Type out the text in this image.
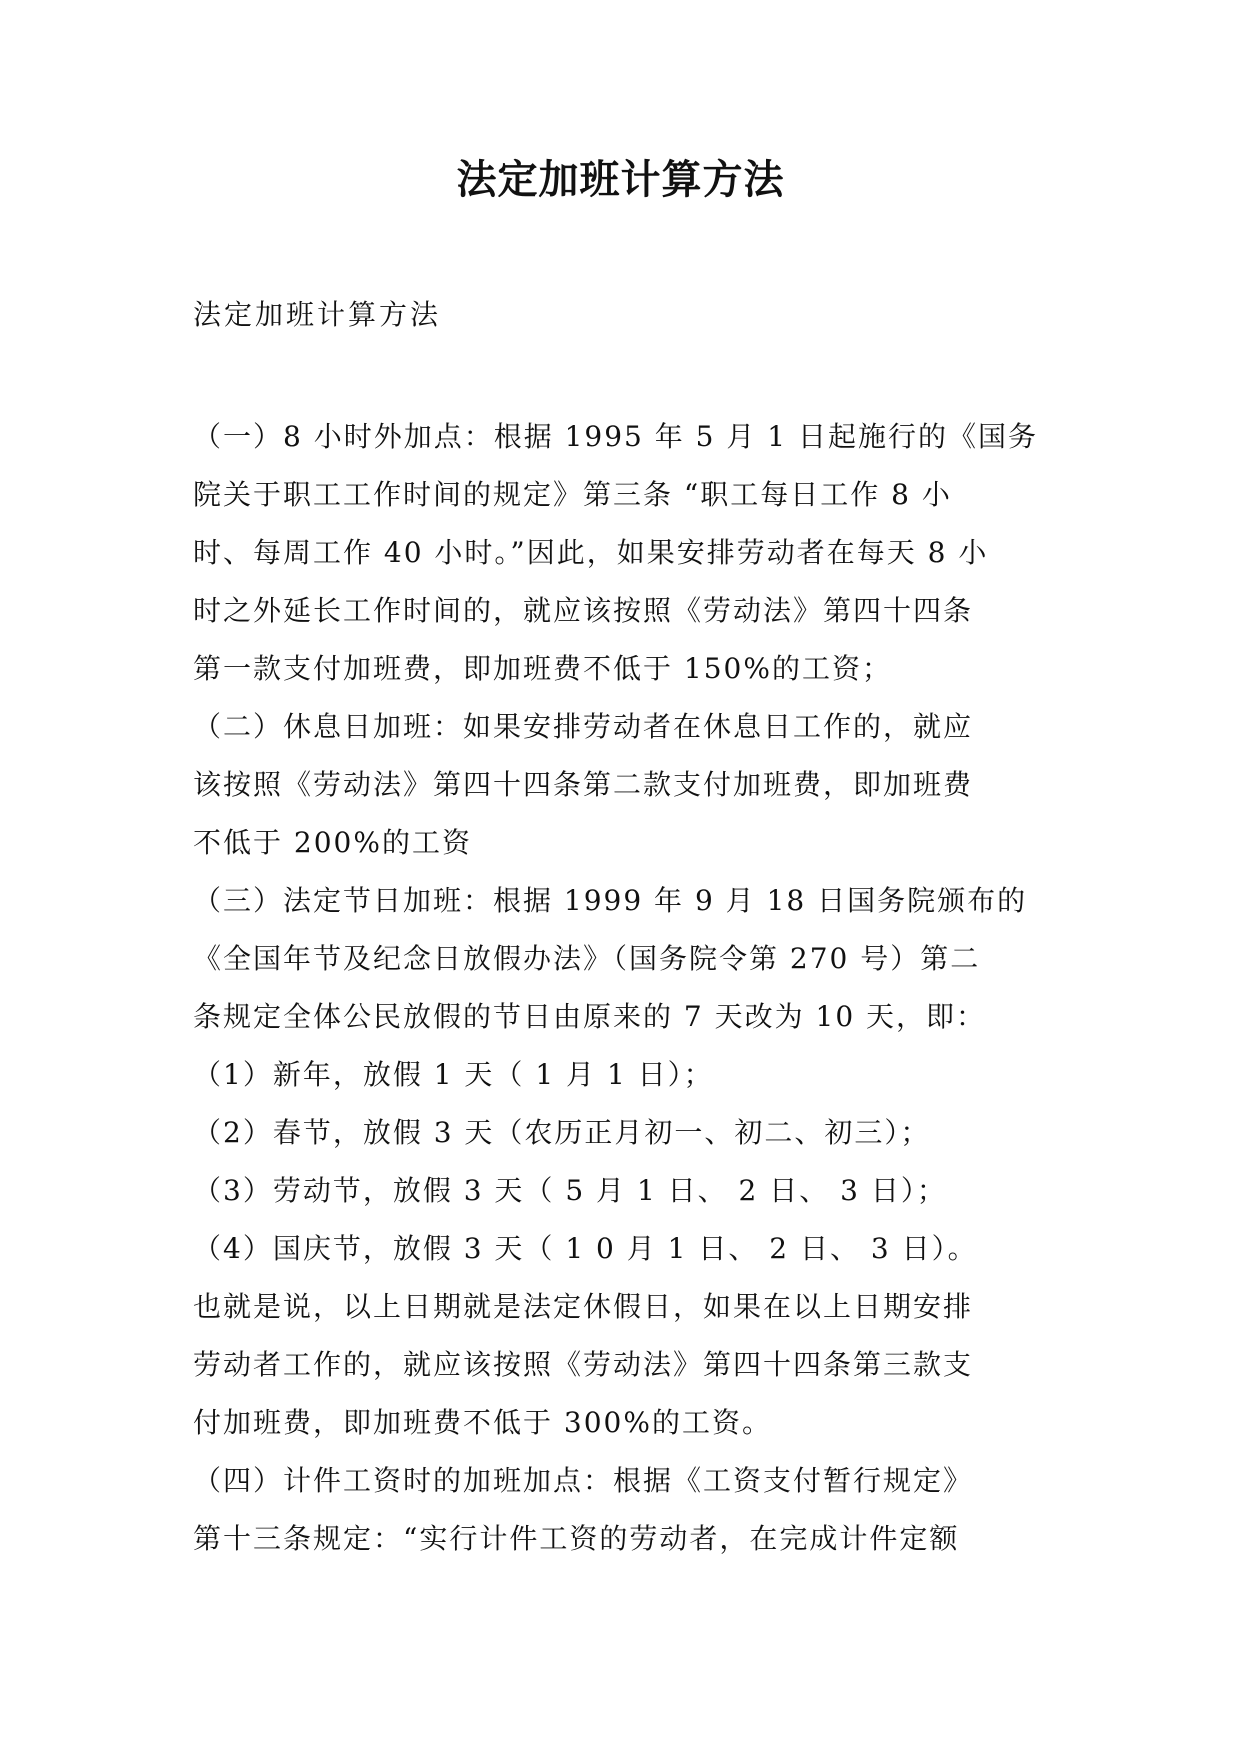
法定加班计算方法
法定加班计算方法
（一）8 小时外加点：根据 1995 年 5 月 1 日起施行的《国务
院关于职工工作时间的规定》第三条 “职工每日工作 8 小
时、每周工作 40 小时。”因此，如果安排劳动者在每天 8 小
时之外延长工作时间的，就应该按照《劳动法》第四十四条
第一款支付加班费，即加班费不低于 150%的工资；
（二）休息日加班：如果安排劳动者在休息日工作的，就应
该按照《劳动法》第四十四条第二款支付加班费，即加班费
不低于 200%的工资
（三）法定节日加班：根据 1999 年 9 月 18 日国务院颁布的
《全国年节及纪念日放假办法》（国务院令第 270 号）第二
条规定全体公民放假的节日由原来的 7 天改为 10 天，即：
（1）新年，放假 1 天（ 1 月 1 日）；
（2）春节，放假 3 天（农历正月初一、初二、初三）；
（3）劳动节，放假 3 天（ 5 月 1 日、 2 日、 3 日）；
（4）国庆节，放假 3 天（ 1 0 月 1 日、 2 日、 3 日）。
也就是说，以上日期就是法定休假日，如果在以上日期安排
劳动者工作的，就应该按照《劳动法》第四十四条第三款支
付加班费，即加班费不低于 300%的工资。
（四）计件工资时的加班加点：根据《工资支付暂行规定》
第十三条规定：“实行计件工资的劳动者，在完成计件定额
